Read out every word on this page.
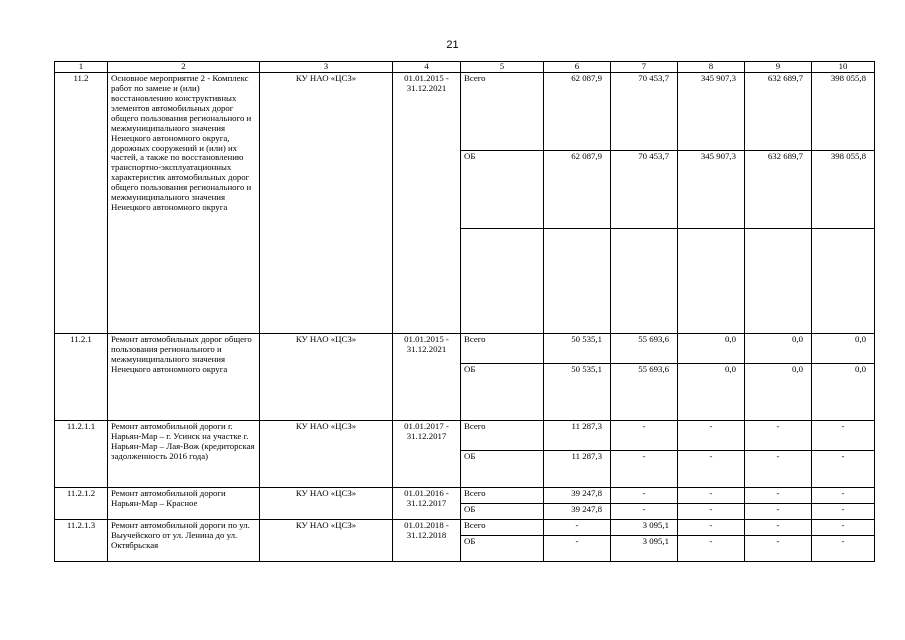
21
1	2	3	4	5	6	7	8	9	10
11.2	Основное мероприятие 2 - Комплекс работ по замене и (или) восстановлению конструктивных элементов автомобильных дорог общего пользования регионального и межмуниципального значения Ненецкого автономного округа, дорожных сооружений и (или) их частей, а также по восстановлению транспортно-эксплуатационных характеристик автомобильных дорог общего пользования регионального и межмуниципального значения Ненецкого автономного округа	КУ НАО «ЦСЗ»	01.01.2015 - 31.12.2021	Всего	62 087,9	70 453,7	345 907,3	632 689,7	398 055,8
				ОБ	62 087,9	70 453,7	345 907,3	632 689,7	398 055,8

11.2.1	Ремонт автомобильных дорог общего пользования регионального и межмуниципального значения Ненецкого автономного округа	КУ НАО «ЦСЗ»	01.01.2015 - 31.12.2021	Всего	50 535,1	55 693,6	0,0	0,0	0,0
				ОБ	50 535,1	55 693,6	0,0	0,0	0,0
11.2.1.1	Ремонт автомобильной дороги г. Нарьян-Мар – г. Усинск на участке г. Нарьян-Мар – Лая-Вож (кредиторская задолженность 2016 года)	КУ НАО «ЦСЗ»	01.01.2017 - 31.12.2017	Всего	11 287,3	-	-	-	-
				ОБ	11 287,3	-	-	-	-
11.2.1.2	Ремонт автомобильной дороги Нарьян-Мар – Красное	КУ НАО «ЦСЗ»	01.01.2016 - 31.12.2017	Всего	39 247,8	-	-	-	-
				ОБ	39 247,8	-	-	-	-
11.2.1.3	Ремонт автомобильной дороги по ул. Выучейского от ул. Ленина до ул. Октябрьская	КУ НАО «ЦСЗ»	01.01.2018 - 31.12.2018	Всего	-	3 095,1	-	-	-
				ОБ	-	3 095,1	-	-	-
